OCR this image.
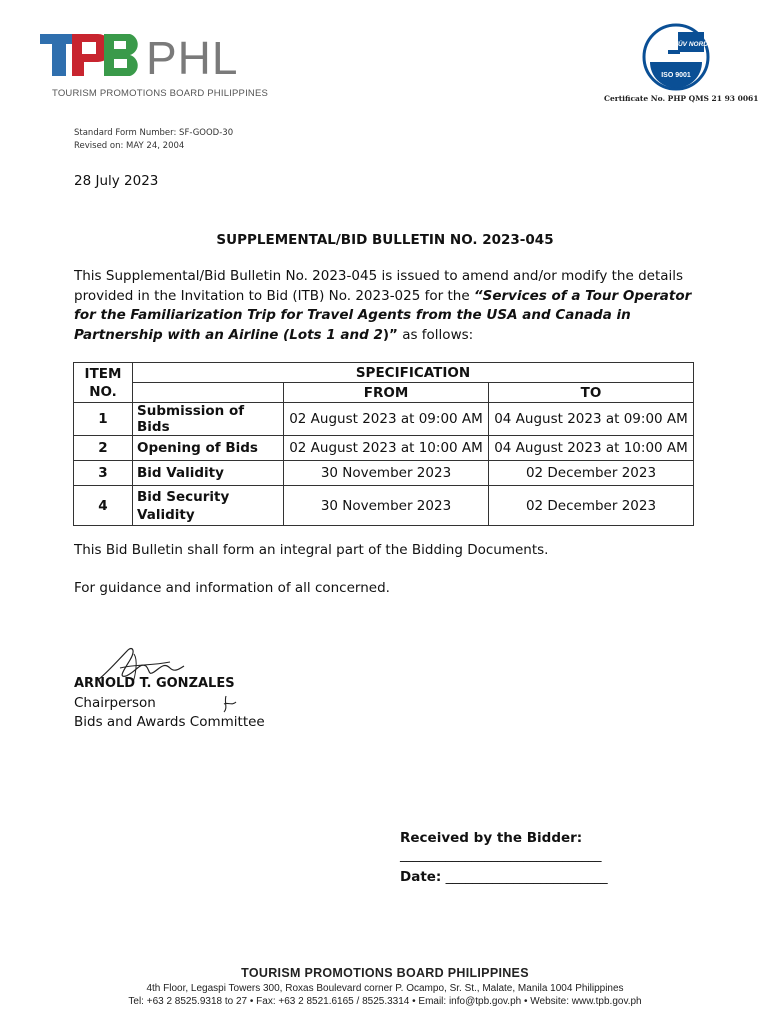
PHL
TOURISM PROMOTIONS BOARD PHILIPPINES
TÜV NORD
ISO 9001
Certificate No. PHP QMS 21 93 0061
Standard Form Number: SF-GOOD-30
Revised on: MAY 24, 2004
28 July 2023
SUPPLEMENTAL/BID BULLETIN NO. 2023-045
This Supplemental/Bid Bulletin No. 2023-045 is issued to amend and/or modify the details provided in the Invitation to Bid (ITB) No. 2023-025 for the “Services of a Tour Operator for the Familiarization Trip for Travel Agents from the USA and Canada in Partnership with an Airline (Lots 1 and 2)” as follows:
ITEM NO.	SPECIFICATION		
		FROM	TO
1	Submission of Bids	02 August 2023 at 09:00 AM	04 August 2023 at 09:00 AM
2	Opening of Bids	02 August 2023 at 10:00 AM	04 August 2023 at 10:00 AM
3	Bid Validity	30 November 2023	02 December 2023
4	Bid Security Validity	30 November 2023	02 December 2023
This Bid Bulletin shall form an integral part of the Bidding Documents.
For guidance and information of all concerned.
ARNOLD T. GONZALES
Chairperson
Bids and Awards Committee
Received by the Bidder:
_______________________________
Date: ________________________
TOURISM PROMOTIONS BOARD PHILIPPINES
4th Floor, Legaspi Towers 300, Roxas Boulevard corner P. Ocampo, Sr. St., Malate, Manila 1004 Philippines
Tel: +63 2 8525.9318 to 27 • Fax: +63 2 8521.6165 / 8525.3314 • Email: info@tpb.gov.ph • Website: www.tpb.gov.ph
